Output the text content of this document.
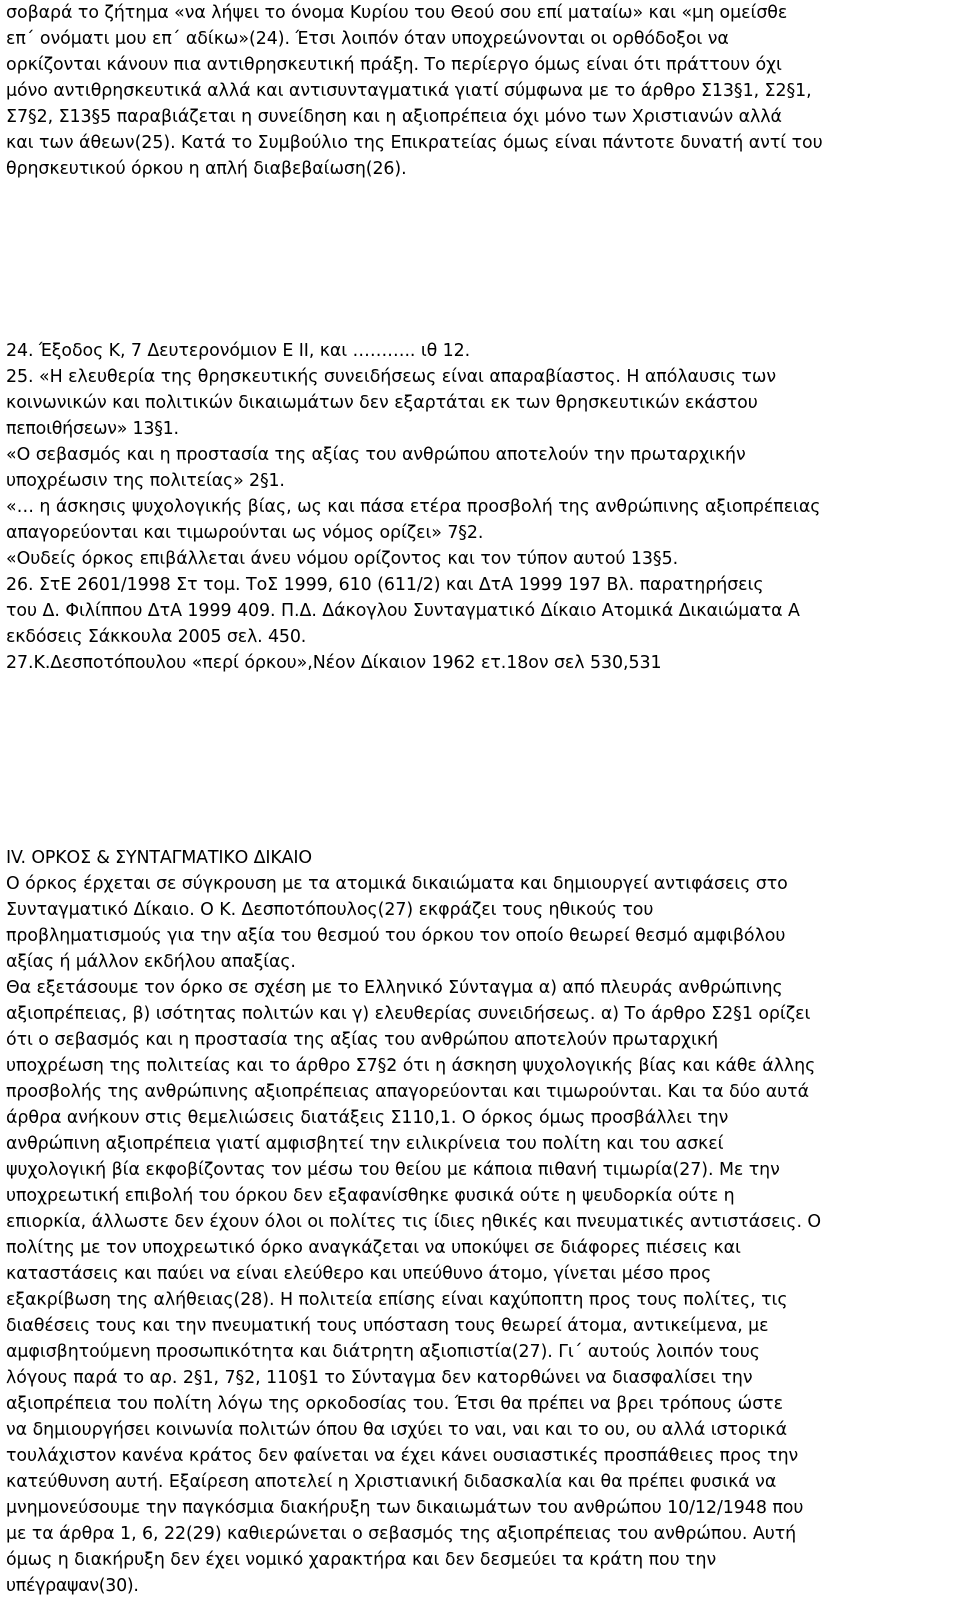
σοβαρά το ζήτημα «να λήψει το όνομα Κυρίου του Θεού σου επί ματαίω» και «μη ομείσθε
επ΄ ονόματι μου επ΄ αδίκω»(24). Έτσι λοιπόν όταν υποχρεώνονται οι ορθόδοξοι να
ορκίζονται κάνουν πια αντιθρησκευτική πράξη. Το περίεργο όμως είναι ότι πράττουν όχι
μόνο αντιθρησκευτικά αλλά και αντισυνταγματικά γιατί σύμφωνα με το άρθρο Σ13§1, Σ2§1,
Σ7§2, Σ13§5 παραβιάζεται η συνείδηση και η αξιοπρέπεια όχι μόνο των Χριστιανών αλλά
και των άθεων(25). Κατά το Συμβούλιο της Επικρατείας όμως είναι πάντοτε δυνατή αντί του
θρησκευτικού όρκου η απλή διαβεβαίωση(26).
24. Έξοδος Κ, 7 Δευτερονόμιον Ε ΙΙ, και ……….. ιθ 12.
25. «Η ελευθερία της θρησκευτικής συνειδήσεως είναι απαραβίαστος. Η απόλαυσις των
κοινωνικών και πολιτικών δικαιωμάτων δεν εξαρτάται εκ των θρησκευτικών εκάστου
πεποιθήσεων» 13§1.
«Ο σεβασμός και η προστασία της αξίας του ανθρώπου αποτελούν την πρωταρχικήν
υποχρέωσιν της πολιτείας» 2§1.
«… η άσκησις ψυχολογικής βίας, ως και πάσα ετέρα προσβολή της ανθρώπινης αξιοπρέπειας
απαγορεύονται και τιμωρούνται ως νόμος ορίζει» 7§2.
«Ουδείς όρκος επιβάλλεται άνευ νόμου ορίζοντος και τον τύπον αυτού 13§5.
26. ΣτΕ 2601/1998 Στ τομ. ΤοΣ 1999, 610 (611/2) και ΔτΑ 1999 197 Βλ. παρατηρήσεις
του Δ. Φιλίππου ΔτΑ 1999 409. Π.Δ. Δάκογλου Συνταγματικό Δίκαιο Ατομικά Δικαιώματα Α
εκδόσεις Σάκκουλα 2005 σελ. 450.
27.Κ.Δεσποτόπουλου «περί όρκου»,Νέον Δίκαιον 1962 ετ.18ον σελ 530,531
IV. ΟΡΚΟΣ & ΣΥΝΤΑΓΜΑΤΙΚΟ ΔΙΚΑΙΟ
Ο όρκος έρχεται σε σύγκρουση με τα ατομικά δικαιώματα και δημιουργεί αντιφάσεις στο
Συνταγματικό Δίκαιο. Ο Κ. Δεσποτόπουλος(27) εκφράζει τους ηθικούς του
προβληματισμούς για την αξία του θεσμού του όρκου τον οποίο θεωρεί θεσμό αμφιβόλου
αξίας ή μάλλον εκδήλου απαξίας.
Θα εξετάσουμε τον όρκο σε σχέση με το Ελληνικό Σύνταγμα α) από πλευράς ανθρώπινης
αξιοπρέπειας, β) ισότητας πολιτών και γ) ελευθερίας συνειδήσεως. α) Το άρθρο Σ2§1 ορίζει
ότι ο σεβασμός και η προστασία της αξίας του ανθρώπου αποτελούν πρωταρχική
υποχρέωση της πολιτείας και το άρθρο Σ7§2 ότι η άσκηση ψυχολογικής βίας και κάθε άλλης
προσβολής της ανθρώπινης αξιοπρέπειας απαγορεύονται και τιμωρούνται. Και τα δύο αυτά
άρθρα ανήκουν στις θεμελιώσεις διατάξεις Σ110,1. Ο όρκος όμως προσβάλλει την
ανθρώπινη αξιοπρέπεια γιατί αμφισβητεί την ειλικρίνεια του πολίτη και του ασκεί
ψυχολογική βία εκφοβίζοντας τον μέσω του θείου με κάποια πιθανή τιμωρία(27). Με την
υποχρεωτική επιβολή του όρκου δεν εξαφανίσθηκε φυσικά ούτε η ψευδορκία ούτε η
επιορκία, άλλωστε δεν έχουν όλοι οι πολίτες τις ίδιες ηθικές και πνευματικές αντιστάσεις. Ο
πολίτης με τον υποχρεωτικό όρκο αναγκάζεται να υποκύψει σε διάφορες πιέσεις και
καταστάσεις και παύει να είναι ελεύθερο και υπεύθυνο άτομο, γίνεται μέσο προς
εξακρίβωση της αλήθειας(28). Η πολιτεία επίσης είναι καχύποπτη προς τους πολίτες, τις
διαθέσεις τους και την πνευματική τους υπόσταση τους θεωρεί άτομα, αντικείμενα, με
αμφισβητούμενη προσωπικότητα και διάτρητη αξιοπιστία(27). Γι΄ αυτούς λοιπόν τους
λόγους παρά το αρ. 2§1, 7§2, 110§1 το Σύνταγμα δεν κατορθώνει να διασφαλίσει την
αξιοπρέπεια του πολίτη λόγω της ορκοδοσίας του. Έτσι θα πρέπει να βρει τρόπους ώστε
να δημιουργήσει κοινωνία πολιτών όπου θα ισχύει το ναι, ναι και το ου, ου αλλά ιστορικά
τουλάχιστον κανένα κράτος δεν φαίνεται να έχει κάνει ουσιαστικές προσπάθειες προς την
κατεύθυνση αυτή. Εξαίρεση αποτελεί η Χριστιανική διδασκαλία και θα πρέπει φυσικά να
μνημονεύσουμε την παγκόσμια διακήρυξη των δικαιωμάτων του ανθρώπου 10/12/1948 που
με τα άρθρα 1, 6, 22(29) καθιερώνεται ο σεβασμός της αξιοπρέπειας του ανθρώπου. Αυτή
όμως η διακήρυξη δεν έχει νομικό χαρακτήρα και δεν δεσμεύει τα κράτη που την
υπέγραψαν(30).
